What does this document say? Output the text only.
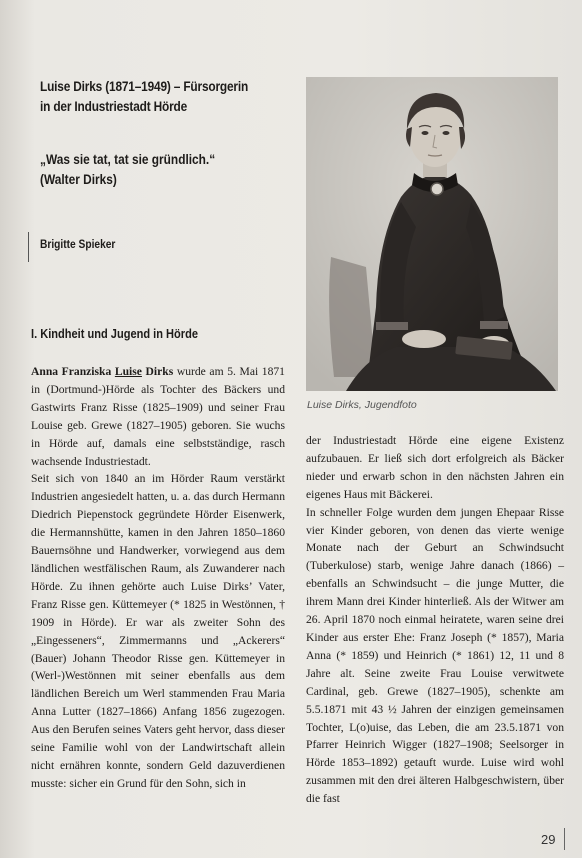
Luise Dirks (1871–1949) – Fürsorgerin
in der Industriestadt Hörde
„Was sie tat, tat sie gründlich.“
(Walter Dirks)
Brigitte Spieker
I. Kindheit und Jugend in Hörde
Luise Dirks, Jugendfoto

Anna Franziska Luise Dirks wurde am 5. Mai 1871 in (Dortmund-)Hörde als Tochter des Bäckers und Gastwirts Franz Risse (1825–1909) und seiner Frau Louise geb. Grewe (1827–1905) geboren. Sie wuchs in Hörde auf, damals eine selbstständige, rasch wachsende Industriestadt.

Seit sich von 1840 an im Hörder Raum verstärkt Industrien angesiedelt hatten, u. a. das durch Hermann Diedrich Piepenstock gegründete Hörder Eisenwerk, die Hermannshütte, kamen in den Jahren 1850–1860 Bauernsöhne und Handwerker, vorwiegend aus dem ländlichen westfälischen Raum, als Zuwanderer nach Hörde. Zu ihnen gehörte auch Luise Dirks’ Vater, Franz Risse gen. Küttemeyer (* 1825 in Westönnen, † 1909 in Hörde). Er war als zweiter Sohn des „Eingesseners“, Zimmermanns und „Ackerers“ (Bauer) Johann Theodor Risse gen. Küttemeyer in (Werl-)Westönnen mit seiner ebenfalls aus dem ländlichen Bereich um Werl stammenden Frau Maria Anna Lutter (1827–1866) Anfang 1856 zugezogen. Aus den Berufen seines Vaters geht hervor, dass dieser seine Familie wohl von der Landwirtschaft allein nicht ernähren konnte, sondern Geld dazuverdienen musste: sicher ein Grund für den Sohn, sich in

der Industriestadt Hörde eine eigene Existenz aufzubauen. Er ließ sich dort erfolgreich als Bäcker nieder und erwarb schon in den nächsten Jahren ein eigenes Haus mit Bäckerei.

In schneller Folge wurden dem jungen Ehepaar Risse vier Kinder geboren, von denen das vierte wenige Monate nach der Geburt an Schwindsucht (Tuberkulose) starb, wenige Jahre danach (1866) – ebenfalls an Schwindsucht – die junge Mutter, die ihrem Mann drei Kinder hinterließ. Als der Witwer am 26. April 1870 noch einmal heiratete, waren seine drei Kinder aus erster Ehe: Franz Joseph (* 1857), Maria Anna (* 1859) und Heinrich (* 1861) 12, 11 und 8 Jahre alt. Seine zweite Frau Louise verwitwete Cardinal, geb. Grewe (1827–1905), schenkte am 5.5.1871 mit 43 ½ Jahren der einzigen gemeinsamen Tochter, L(o)uise, das Leben, die am 23.5.1871 von Pfarrer Heinrich Wigger (1827–1908; Seelsorger in Hörde 1853–1892) getauft wurde. Luise wird wohl zusammen mit den drei älteren Halbgeschwistern, über die fast

29
